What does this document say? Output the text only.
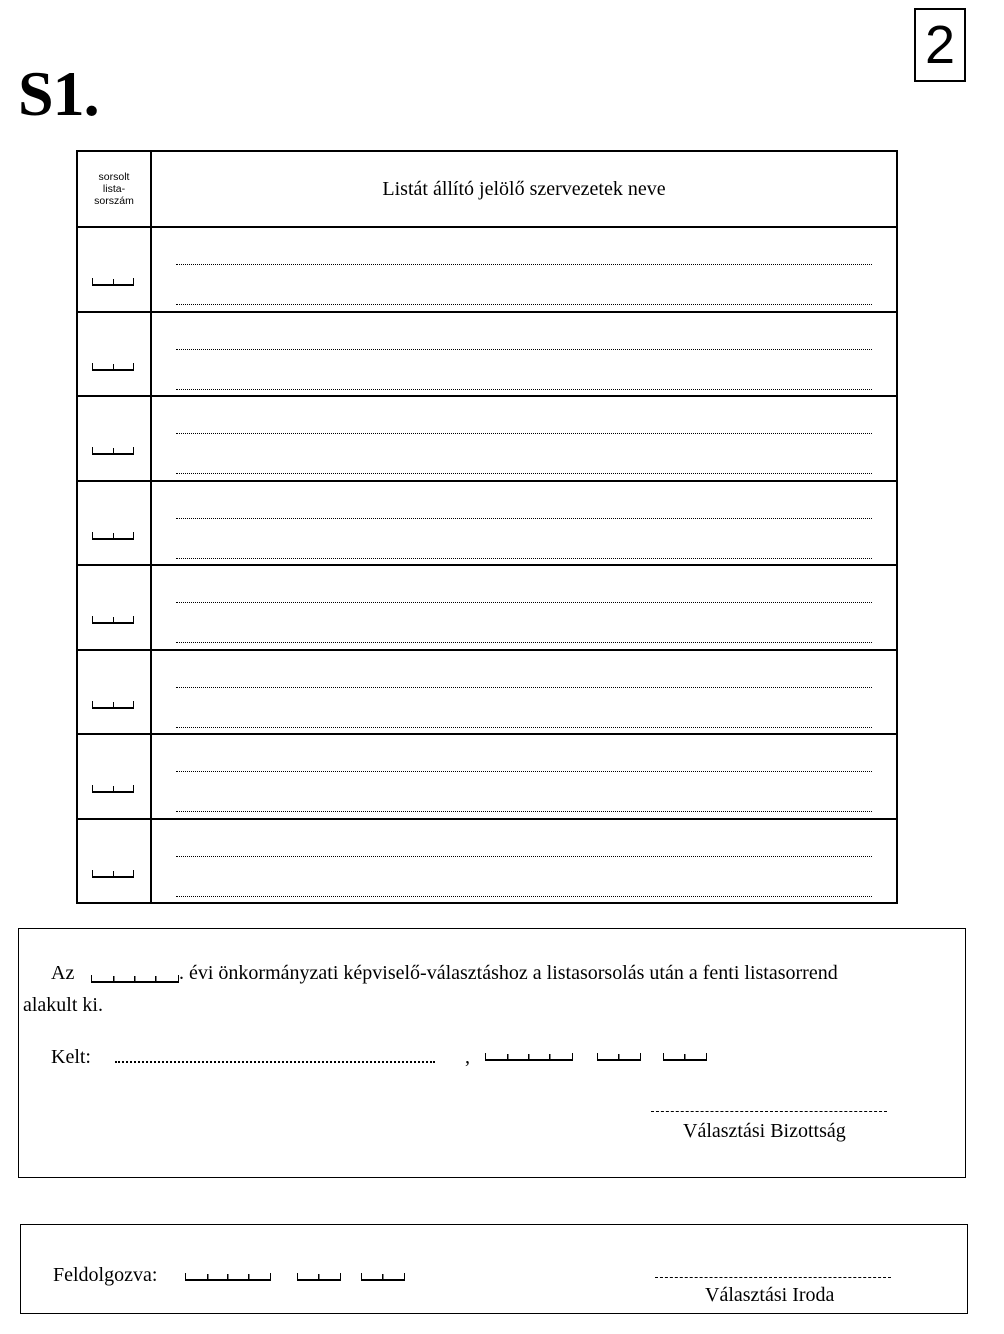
S1.
2
sorsolt
lista-
sorszám
Listát állító jelölő szervezetek neve
Az	. évi önkormányzati képviselő-választáshoz a listasorsolás után a fenti listasorrend
alakult ki.
Kelt:	,
Választási Bizottság
Feldolgozva:
Választási Iroda
